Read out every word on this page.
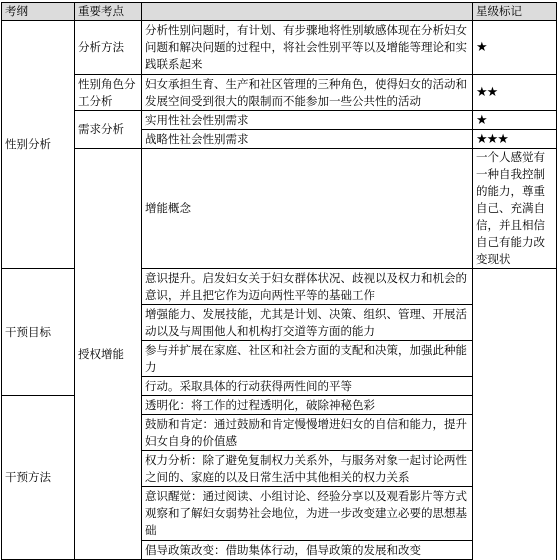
考纲	重要考点		星级标记	
性别分析	分析方法	分析性别问题时，有计划、有步骤地将性别敏感体现在分析妇女问题和解决问题的过程中，将社会性别平等以及增能等理论和实践联系起来	★	
	性别角色分工分析	妇女承担生育、生产和社区管理的三种角色，使得妇女的活动和发展空间受到很大的限制而不能参加一些公共性的活动	★★	
	需求分析	实用性社会性别需求	★	
		战略性社会性别需求	★★★	
	授权增能	增能概念	一个人感觉有一种自我控制的能力，尊重自己、充满自信，并且相信自己有能力改变现状	
干预目标		意识提升。启发妇女关于妇女群体状况、歧视以及权力和机会的意识，并且把它作为迈向两性平等的基础工作		
		增强能力、发展技能，尤其是计划、决策、组织、管理、开展活动以及与周围他人和机构打交道等方面的能力		
		参与并扩展在家庭、社区和社会方面的支配和决策，加强此种能力		
		行动。采取具体的行动获得两性间的平等		
干预方法		透明化：将工作的过程透明化，破除神秘色彩		
		鼓励和肯定：通过鼓励和肯定慢慢增进妇女的自信和能力，提升妇女自身的价值感		
		权力分析：除了避免复制权力关系外，与服务对象一起讨论两性之间的、家庭的以及日常生活中其他相关的权力关系		
		意识醒觉：通过阅读、小组讨论、经验分享以及观看影片等方式观察和了解妇女弱势社会地位，为进一步改变建立必要的思想基础		
		倡导政策改变：借助集体行动，倡导政策的发展和改变		
